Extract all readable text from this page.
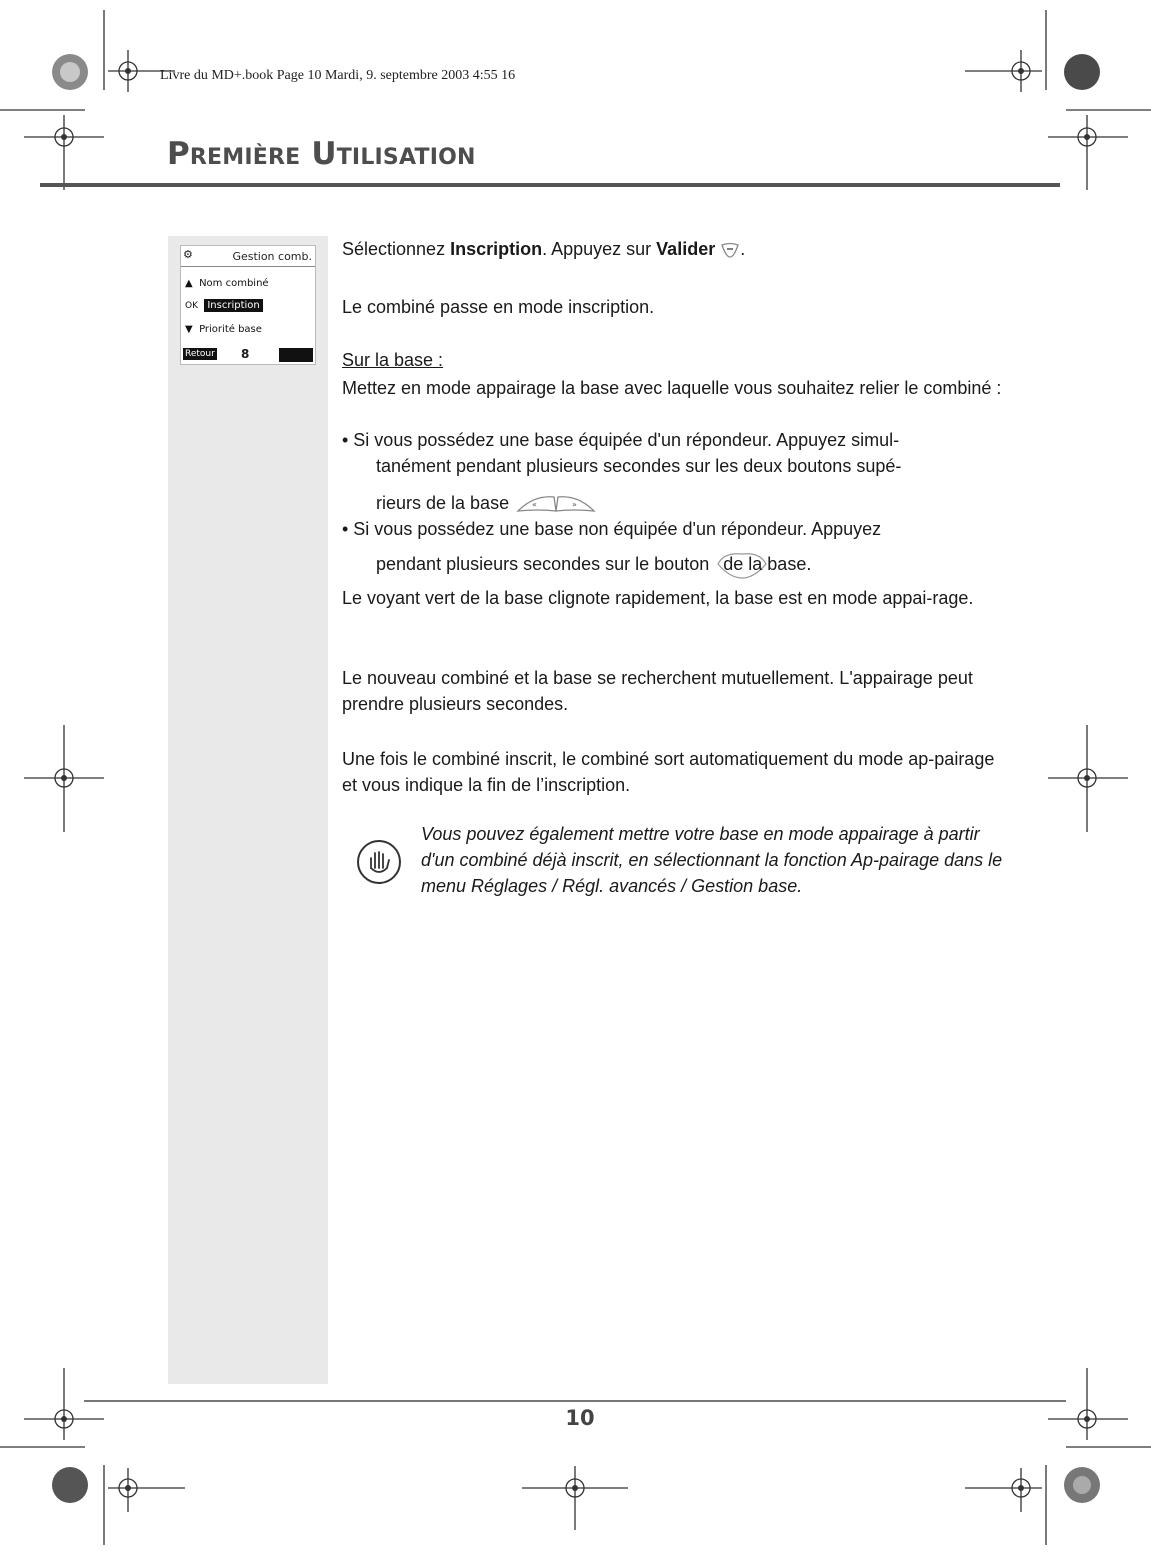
Livre du MD+.book Page 10 Mardi, 9. septembre 2003 4:55 16
Première Utilisation
⚙	Gestion comb.
▲ Nom combiné
OK Inscription
▼ Priorité base
Retour 8
Sélectionnez Inscription. Appuyez sur Valider .
Le combiné passe en mode inscription.
Sur la base :
Mettez en mode appairage la base avec laquelle vous souhaitez relier le combiné :
• Si vous possédez une base équipée d'un répondeur. Appuyez simul-
tanément pendant plusieurs secondes sur les deux boutons supé-
rieurs de la base	«	»
• Si vous possédez une base non équipée d'un répondeur. Appuyez
pendant plusieurs secondes sur le bouton de la base.
Le voyant vert de la base clignote rapidement, la base est en mode appai-rage.
Le nouveau combiné et la base se recherchent mutuellement. L'appairage peut prendre plusieurs secondes.
Une fois le combiné inscrit, le combiné sort automatiquement du mode ap-pairage et vous indique la fin de l’inscription.
Vous pouvez également mettre votre base en mode appairage à partir d'un combiné déjà inscrit, en sélectionnant la fonction Ap-pairage dans le menu Réglages / Régl. avancés / Gestion base.
10
